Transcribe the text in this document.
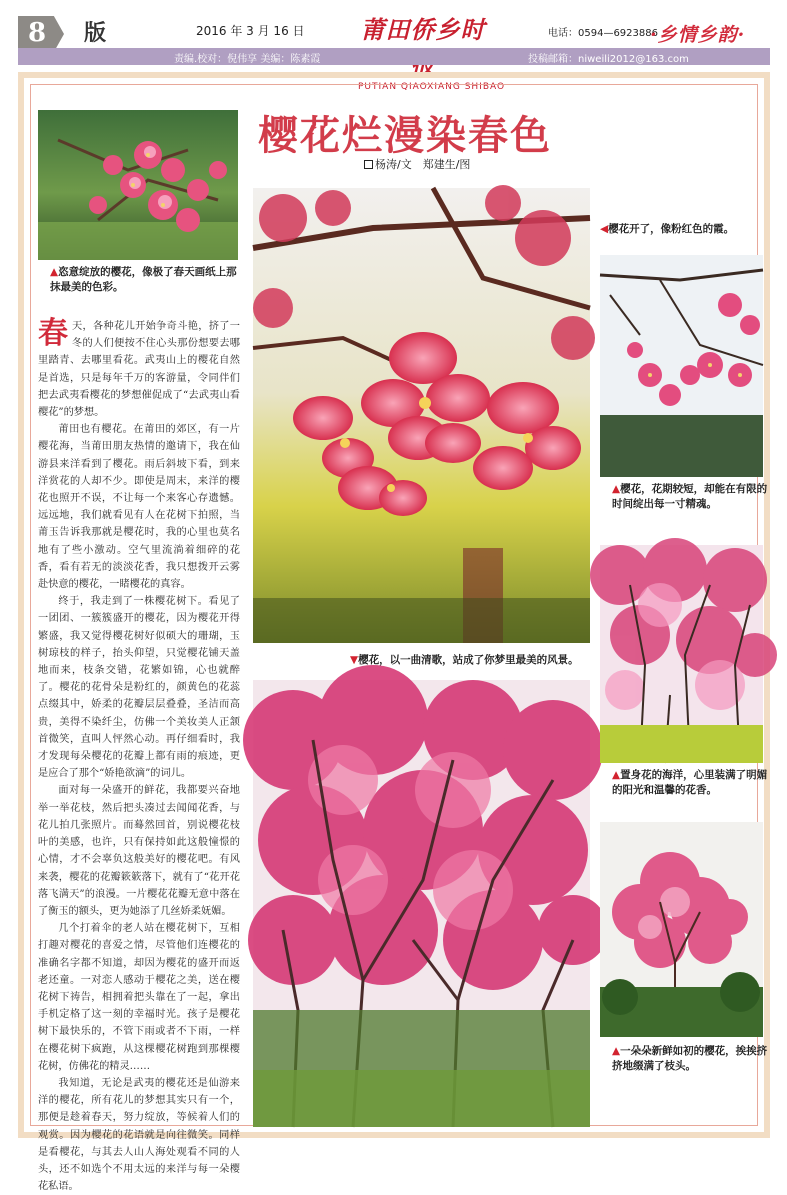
8 版	2016 年 3 月 16 日 莆田侨乡时
PUTIAN QIAOXIANG SHIBAO
电话：0594—6923886
·乡情乡韵·
责编.校对：倪伟享 美编：陈素霞	投稿邮箱：niweili2012@163.com
樱花烂漫染春色
杨涛/文　郑建生/图
▲恣意绽放的樱花，像极了春天画纸上那抹最美的色彩。

春天，各种花儿开始争奇斗艳，挤了一冬的人们便按不住心头那份想要去哪里踏青、去哪里看花。武夷山上的樱花自然是首选，只是每年千万的客游量，令同伴们把去武夷看樱花的梦想催促成了“去武夷山看樱花”的梦想。

莆田也有樱花。在莆田的郊区，有一片樱花海，当莆田朋友热情的邀请下，我在仙游县来洋看到了樱花。雨后斜坡下看，到来洋赏花的人却不少。即使是周末，来洋的樱花也照开不误，不让每一个来客心存遗憾。远远地，我们就看见有人在花树下拍照，当莆玉告诉我那就是樱花时，我的心里也莫名地有了些小激动。空气里流淌着细碎的花香，看有若无的淡淡花香，我只想拨开云雾赴快意的樱花，一睹樱花的真容。

终于，我走到了一株樱花树下。看见了一团团、一簇簇盛开的樱花，因为樱花开得繁盛，我又觉得樱花树好似硕大的珊瑚，玉树琼枝的样子，抬头仰望，只觉樱花铺天盖地而来，枝条交错，花繁如锦，心也就醉了。樱花的花骨朵是粉红的，颜黄色的花蕊点缀其中，娇柔的花瓣层层叠叠，圣洁而高贵，美得不染纤尘，仿佛一个美妆美人正颔首微笑，直叫人怦然心动。再仔细看时，我才发现每朵樱花的花瓣上都有雨的痕迹，更是应合了那个“娇艳欲滴”的词儿。

面对每一朵盛开的鲜花，我都要兴奋地举一举花枝，然后把头凑过去闻闻花香，与花儿拍几张照片。而蓦然回首，别说樱花枝叶的美感，也许，只有保持如此这般憧憬的心情，才不会辜负这般美好的樱花吧。有风来袭，樱花的花瓣簌簌落下，就有了“花开花落飞满天”的浪漫。一片樱花花瓣无意中落在了衡玉的额头，更为她添了几丝娇柔妩媚。

几个打着伞的老人站在樱花树下，互相打趣对樱花的喜爱之情，尽管他们连樱花的准确名字都不知道，却因为樱花的盛开而返老还童。一对恋人感动于樱花之美，送在樱花树下祷告，相拥着把头靠在了一起，拿出手机定格了这一刻的幸福时光。孩子是樱花树下最快乐的，不管下雨或者不下雨，一样在樱花树下疯跑，从这棵樱花树跑到那棵樱花树，仿佛花的精灵……

我知道，无论是武夷的樱花还是仙游来洋的樱花，所有花儿的梦想其实只有一个，那便是趁着春天，努力绽放，等候着人们的观赏。因为樱花的花语就是向往微笑。同样是看樱花，与其去人山人海处观看不同的人头，还不如选个不用太远的来洋与每一朵樱花私语。

▼樱花，以一曲清歌，站成了你梦里最美的风景。
◀樱花开了，像粉红色的霞。
▲樱花，花期较短，却能在有限的时间绽出每一寸精魂。
▲置身花的海洋，心里装满了明媚的阳光和温馨的花香。
▲一朵朵新鲜如初的樱花，挨挨挤挤地缀满了枝头。
